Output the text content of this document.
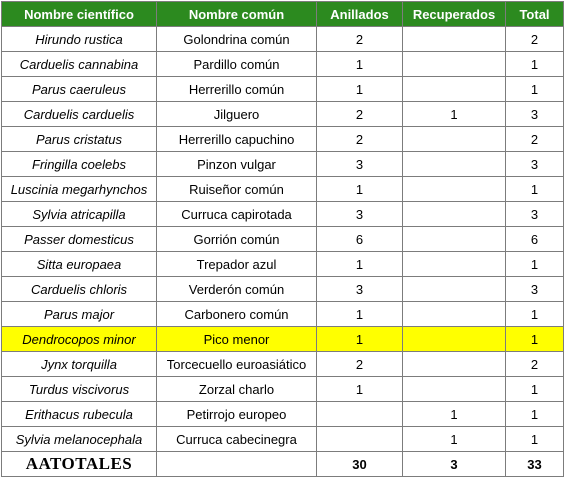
Nombre científico	Nombre común	Anillados	Recuperados	Total
Hirundo rustica	Golondrina común	2		2
Carduelis cannabina	Pardillo común	1		1
Parus caeruleus	Herrerillo común	1		1
Carduelis carduelis	Jilguero	2	1	3
Parus cristatus	Herrerillo capuchino	2		2
Fringilla coelebs	Pinzon vulgar	3		3
Luscinia megarhynchos	Ruiseñor común	1		1
Sylvia atricapilla	Curruca capirotada	3		3
Passer domesticus	Gorrión común	6		6
Sitta europaea	Trepador azul	1		1
Carduelis chloris	Verderón común	3		3
Parus major	Carbonero común	1		1
Dendrocopos minor	Pico menor	1		1
Jynx torquilla	Torcecuello euroasiático	2		2
Turdus viscivorus	Zorzal charlo	1		1
Erithacus rubecula	Petirrojo europeo		1	1
Sylvia melanocephala	Curruca cabecinegra		1	1
AATOTALES		30	3	33
